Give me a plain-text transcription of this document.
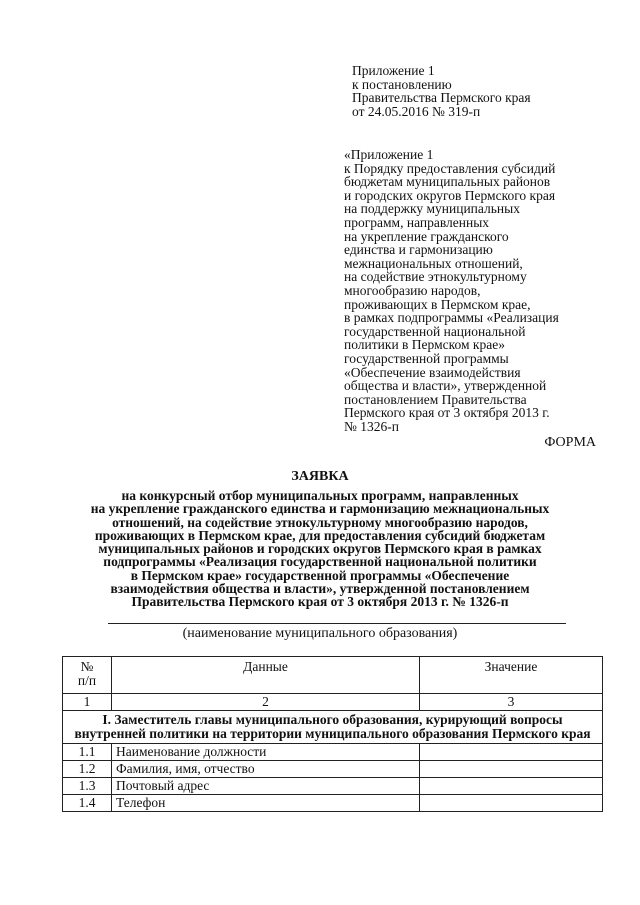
Приложение 1
к постановлению
Правительства Пермского края
от 24.05.2016 № 319-п
«Приложение 1
к Порядку предоставления субсидий
бюджетам муниципальных районов
и городских округов Пермского края
на поддержку муниципальных
программ, направленных
на укрепление гражданского
единства и гармонизацию
межнациональных отношений,
на содействие этнокультурному
многообразию народов,
проживающих в Пермском крае,
в рамках подпрограммы «Реализация
государственной национальной
политики в Пермском крае»
государственной программы
«Обеспечение взаимодействия
общества и власти», утвержденной
постановлением Правительства
Пермского края от 3 октября 2013 г.
№ 1326-п
ФОРМА
ЗАЯВКА
на конкурсный отбор муниципальных программ, направленных
на укрепление гражданского единства и гармонизацию межнациональных
отношений, на содействие этнокультурному многообразию народов,
проживающих в Пермском крае, для предоставления субсидий бюджетам
муниципальных районов и городских округов Пермского края в рамках
подпрограммы «Реализация государственной национальной политики
в Пермском крае» государственной программы «Обеспечение
взаимодействия общества и власти», утвержденной постановлением
Правительства Пермского края от 3 октября 2013 г. № 1326-п
(наименование муниципального образования)
№
п/п	Данные	Значение
1	2	3
I. Заместитель главы муниципального образования, курирующий вопросы внутренней политики на территории муниципального образования Пермского края		
1.1	Наименование должности	
1.2	Фамилия, имя, отчество	
1.3	Почтовый адрес	
1.4	Телефон	
